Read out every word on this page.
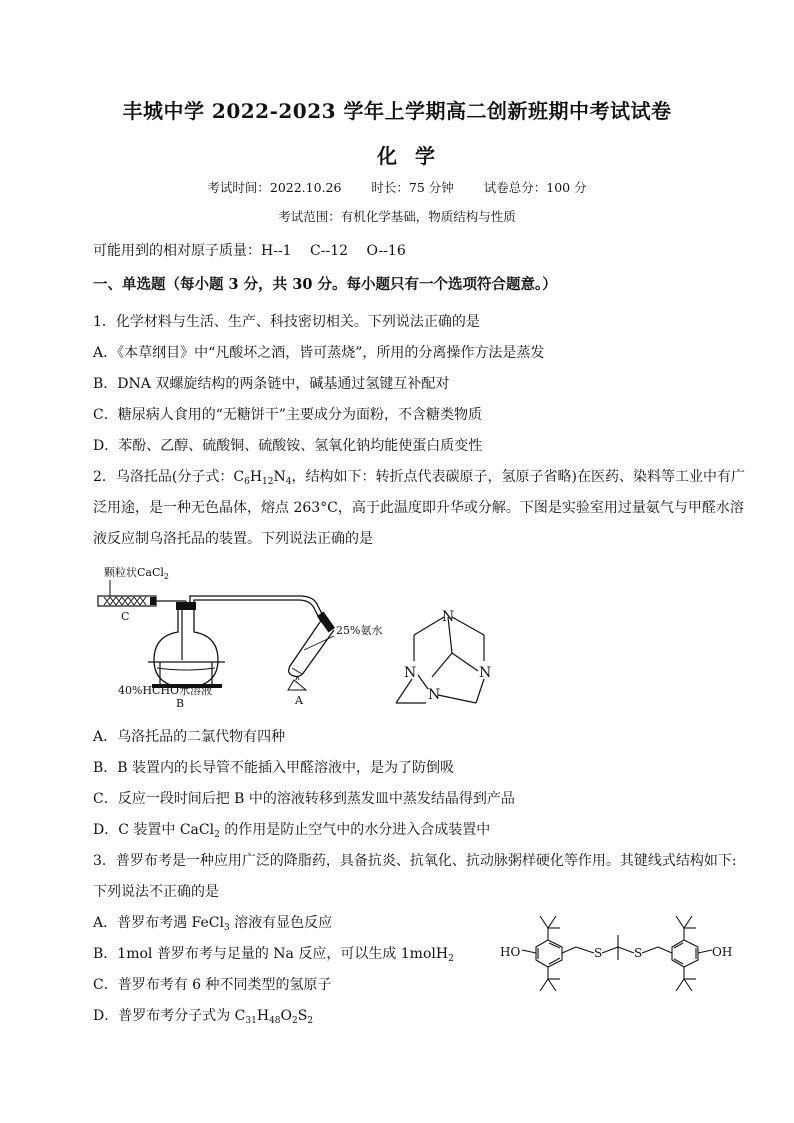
丰城中学 2022-2023 学年上学期高二创新班期中考试试卷
化学
考试时间：2022.10.26 时长：75 分钟 试卷总分：100 分
考试范围：有机化学基础，物质结构与性质
可能用到的相对原子质量：H--1　 C--12　 O--16
一、单选题（每小题 3 分，共 30 分。每小题只有一个选项符合题意。）
1．化学材料与生活、生产、科技密切相关。下列说法正确的是
A．《本草纲目》中“凡酸坏之酒，皆可蒸烧”，所用的分离操作方法是蒸发
B．DNA 双螺旋结构的两条链中，碱基通过氢键互补配对
C．糖尿病人食用的“无糖饼干”主要成分为面粉，不含糖类物质
D．苯酚、乙醇、硫酸铜、硫酸铵、氢氧化钠均能使蛋白质变性
2．乌洛托品(分子式：$C_6H_{12}N_4$，结构如下：转折点代表碳原子，氢原子省略)在医药、染料等工业中有广
泛用途，是一种无色晶体，熔点 263°C，高于此温度即升华或分解。下图是实验室用过量氨气与甲醛水溶
液反应制乌洛托品的装置。下列说法正确的是
颗粒状CaCl$_2$
C
40%HCHO水溶液
B
25%氨水
A
N
N	N
N
A．乌洛托品的二氯代物有四种
B．B 装置内的长导管不能插入甲醛溶液中，是为了防倒吸
C．反应一段时间后把 B 中的溶液转移到蒸发皿中蒸发结晶得到产品
D．C 装置中 CaCl$_2$ 的作用是防止空气中的水分进入合成装置中
3．普罗布考是一种应用广泛的降脂药，具备抗炎、抗氧化、抗动脉粥样硬化等作用。其键线式结构如下:
下列说法不正确的是
A．普罗布考遇 FeCl$_3$ 溶液有显色反应
B．1mol 普罗布考与足量的 Na 反应，可以生成 1molH$_2$
C．普罗布考有 6 种不同类型的氢原子
D．普罗布考分子式为 $C_{31}H_{48}O_2S_2$
HO	S	S	OH
